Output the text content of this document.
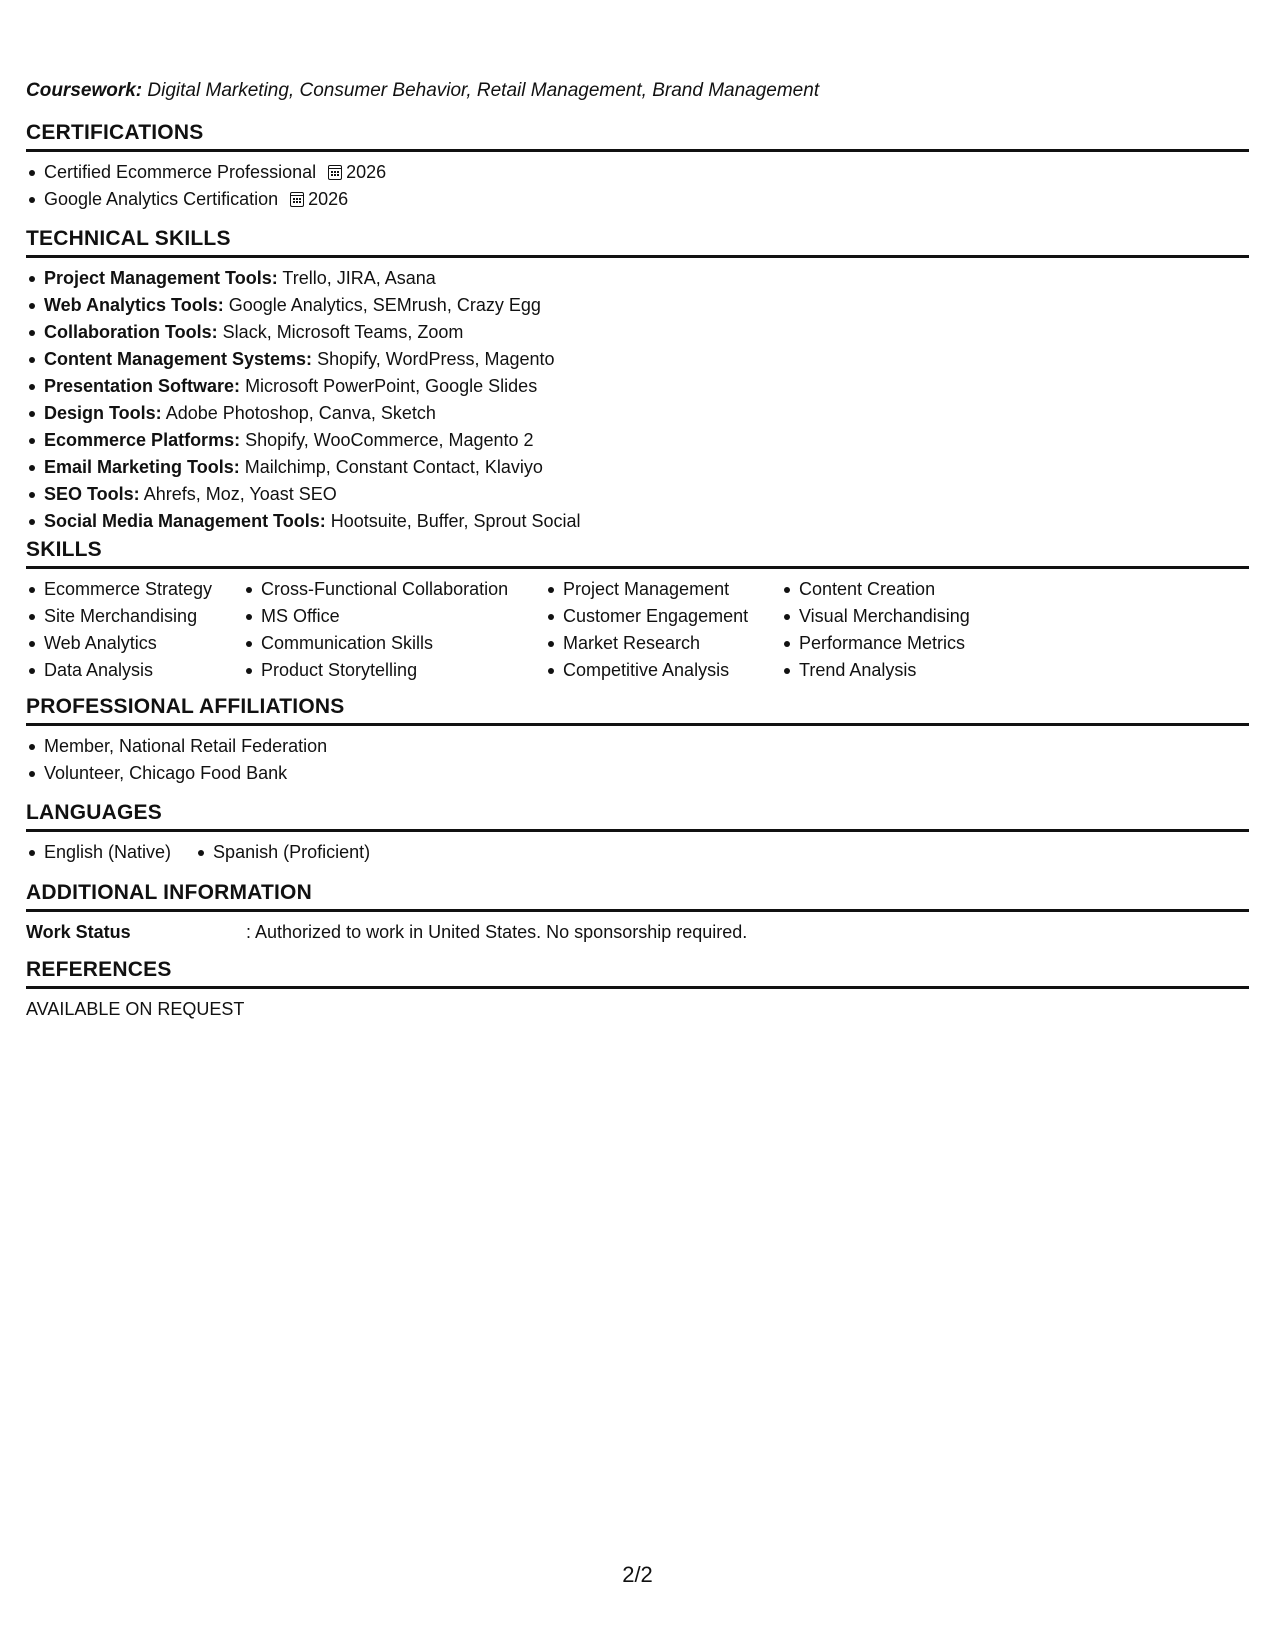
Coursework: Digital Marketing, Consumer Behavior, Retail Management, Brand Management
CERTIFICATIONS
Certified Ecommerce Professional 2026
Google Analytics Certification 2026
TECHNICAL SKILLS
Project Management Tools: Trello, JIRA, Asana
Web Analytics Tools: Google Analytics, SEMrush, Crazy Egg
Collaboration Tools: Slack, Microsoft Teams, Zoom
Content Management Systems: Shopify, WordPress, Magento
Presentation Software: Microsoft PowerPoint, Google Slides
Design Tools: Adobe Photoshop, Canva, Sketch
Ecommerce Platforms: Shopify, WooCommerce, Magento 2
Email Marketing Tools: Mailchimp, Constant Contact, Klaviyo
SEO Tools: Ahrefs, Moz, Yoast SEO
Social Media Management Tools: Hootsuite, Buffer, Sprout Social
SKILLS
Ecommerce Strategy
Site Merchandising
Web Analytics
Data Analysis
Cross-Functional Collaboration
MS Office
Communication Skills
Product Storytelling
Project Management
Customer Engagement
Market Research
Competitive Analysis
Content Creation
Visual Merchandising
Performance Metrics
Trend Analysis
PROFESSIONAL AFFILIATIONS
Member, National Retail Federation
Volunteer, Chicago Food Bank
LANGUAGES
English (Native)	Spanish (Proficient)
ADDITIONAL INFORMATION
Work Status	: Authorized to work in United States. No sponsorship required.
REFERENCES
AVAILABLE ON REQUEST
2/2
